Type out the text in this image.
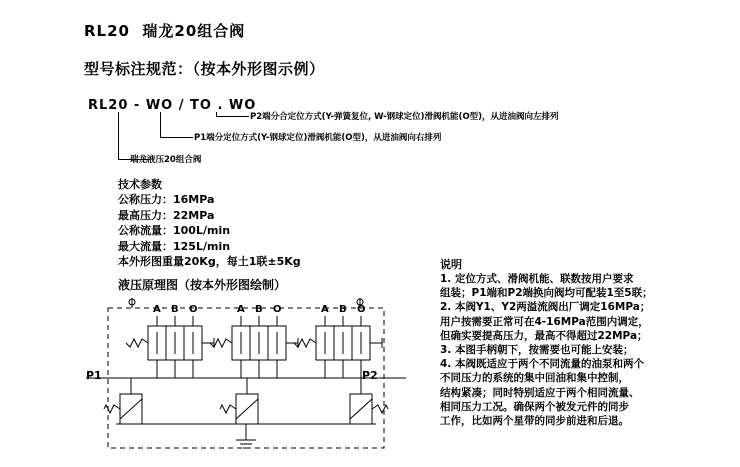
RL20  瑞龙20组合阀
型号标注规范：（按本外形图示例）
RL20 - WO / TO . WO
P2端分合定位方式(Y-弹簧复位, W-钢球定位)滑阀机能(O型)，从进油阀向左排列
P1端分定位方式(Y-钢球定位)滑阀机能(O型)，从进油阀向右排列
瑞龙液压20组合阀
技术参数
公称压力：16MPa
最高压力：22MPa
公称流量：100L/min
最大流量：125L/min
本外形图重量20Kg，每土1联±5Kg
液压原理图（按本外形图绘制）
说明
1. 定位方式、滑阀机能、联数按用户要求
组装；P1端和P2端换向阀均可配装1至5联；
2. 本阀Y1、Y2两溢流阀出厂调定16MPa；
用户按需要正常可在4-16MPa范围内调定，
但确实要提高压力，最高不得超过22MPa；
3. 本图手柄朝下，按需要也可能上安装；
4. 本阀既适应于两个不同流量的油泵和两个
不同压力的系统的集中回油和集中控制，
结构紧凑；同时特别适应于两个相同流量、
相同压力工况。确保两个被发元件的同步
工作，比如两个星带的同步前进和后退。
P1	P2
A B O	A B O	A B O
